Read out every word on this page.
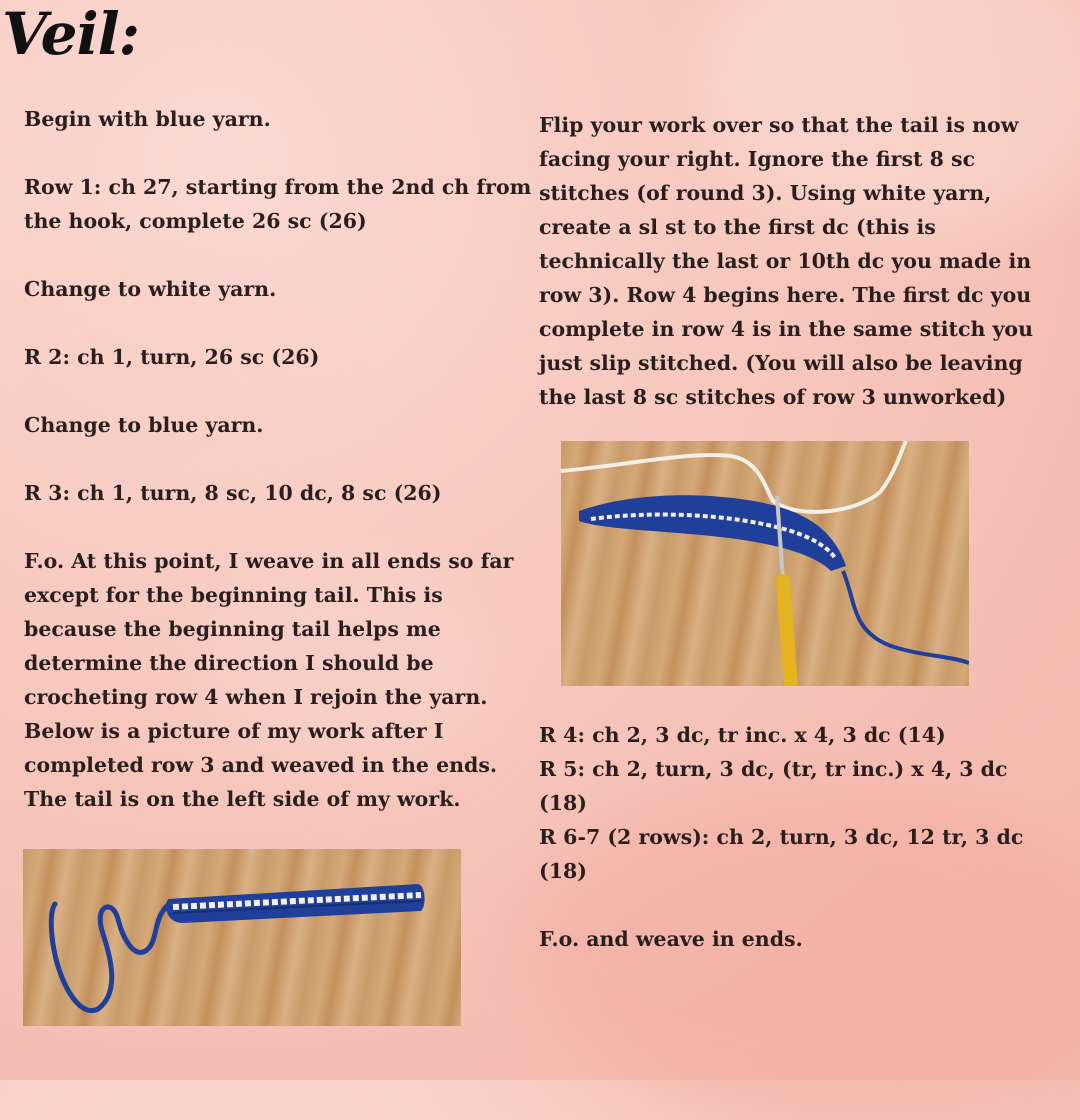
Veil:

Begin with blue yarn.

Row 1: ch 27, starting from the 2nd ch from the hook, complete 26 sc (26)

Change to white yarn.

R 2: ch 1, turn, 26 sc (26)

Change to blue yarn.

R 3: ch 1, turn, 8 sc, 10 dc, 8 sc (26)

F.o. At this point, I weave in all ends so far except for the beginning tail. This is because the beginning tail helps me determine the direction I should be crocheting row 4 when I rejoin the yarn. Below is a picture of my work after I completed row 3 and weaved in the ends. The tail is on the left side of my work.

Flip your work over so that the tail is now facing your right. Ignore the first 8 sc stitches (of round 3). Using white yarn, create a sl st to the first dc (this is technically the last or 10th dc you made in row 3). Row 4 begins here. The first dc you complete in row 4 is in the same stitch you just slip stitched. (You will also be leaving the last 8 sc stitches of row 3 unworked)

R 4: ch 2, 3 dc, tr inc. x 4, 3 dc (14)

R 5: ch 2, turn, 3 dc, (tr, tr inc.) x 4, 3 dc (18)

R 6-7 (2 rows): ch 2, turn, 3 dc, 12 tr, 3 dc (18)

F.o. and weave in ends.
